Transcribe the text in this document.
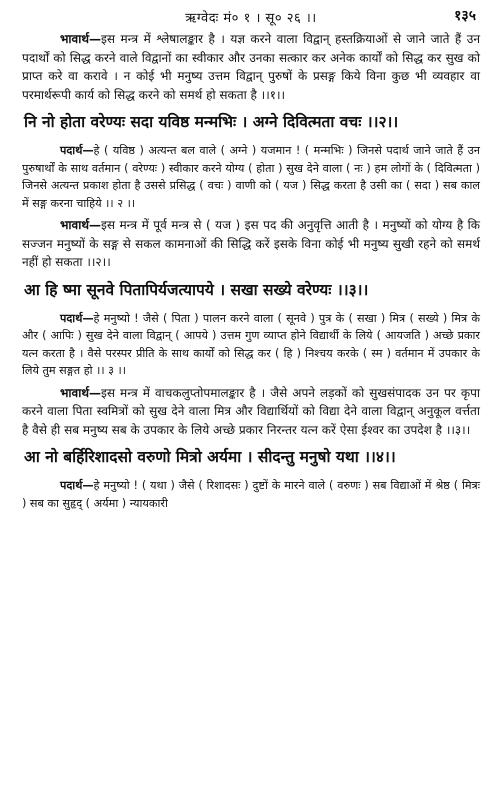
ऋग्वेदः मं० १ । सू० २६ ।।	१३५

भावार्थ—इस मन्त्र में श्लेषालङ्कार है । यज्ञ करने वाला विद्वान् हस्तक्रियाओं से जाने जाते हैं उन पदार्थों को सिद्ध करने वाले विद्वानों का स्वीकार और उनका सत्कार कर अनेक कार्यों को सिद्ध कर सुख को प्राप्त करे वा करावे । न कोई भी मनुष्य उत्तम विद्वान् पुरुषों के प्रसङ्ग किये विना कुछ भी व्यवहार वा परमार्थरूपी कार्य को सिद्ध करने को समर्थ हो सकता है ।।१।।

नि नो होता वरेण्यः सदा यविष्ठ मन्मभिः । अग्ने दिवित्मता वचः ।।२।।

पदार्थ—हे ( यविष्ठ ) अत्यन्त बल वाले ( अग्ने ) यजमान ! ( मन्मभिः ) जिनसे पदार्थ जाने जाते हैं उन पुरुषार्थों के साथ वर्तमान ( वरेण्यः ) स्वीकार करने योग्य ( होता ) सुख देने वाला ( नः ) हम लोगों के ( दिवित्मता ) जिनसे अत्यन्त प्रकाश होता है उससे प्रसिद्ध ( वचः ) वाणी को ( यज ) सिद्ध करता है उसी का ( सदा ) सब काल में सङ्ग करना चाहिये ।। २ ।।

भावार्थ—इस मन्त्र में पूर्व मन्त्र से ( यज ) इस पद की अनुवृत्ति आती है । मनुष्यों को योग्य है कि सज्जन मनुष्यों के सङ्ग से सकल कामनाओं की सिद्धि करें इसके विना कोई भी मनुष्य सुखी रहने को समर्थ नहीं हो सकता ।।२।।

आ हि ष्मा सूनवे पितापिर्यजत्यापये । सखा सख्ये वरेण्यः ।।३।।

पदार्थ—हे मनुष्यो ! जैसे ( पिता ) पालन करने वाला ( सूनवे ) पुत्र के ( सखा ) मित्र ( सख्ये ) मित्र के और ( आपिः ) सुख देने वाला विद्वान् ( आपये ) उत्तम गुण व्याप्त होने विद्यार्थी के लिये ( आयजति ) अच्छे प्रकार यत्न करता है । वैसे परस्पर प्रीति के साथ कार्यों को सिद्ध कर ( हि ) निश्चय करके ( स्म ) वर्तमान में उपकार के लिये तुम सङ्गत हो ।। ३ ।।

भावार्थ—इस मन्त्र में वाचकलुप्तोपमालङ्कार है । जैसे अपने लड़कों को सुखसंपादक उन पर कृपा करने वाला पिता स्वमित्रों को सुख देने वाला मित्र और विद्यार्थियों को विद्या देने वाला विद्वान् अनुकूल वर्त्तता है वैसे ही सब मनुष्य सब के उपकार के लिये अच्छे प्रकार निरन्तर यत्न करें ऐसा ईश्वर का उपदेश है ।।३।।

आ नो बर्हिरिशादसो वरुणो मित्रो अर्यमा । सीदन्तु मनुषो यथा ।।४।।

पदार्थ—हे मनुष्यो ! ( यथा ) जैसे ( रिशादसः ) दुष्टों के मारने वाले ( वरुणः ) सब विद्याओं में श्रेष्ठ ( मित्रः ) सब का सुहृद् ( अर्यमा ) न्यायकारी
